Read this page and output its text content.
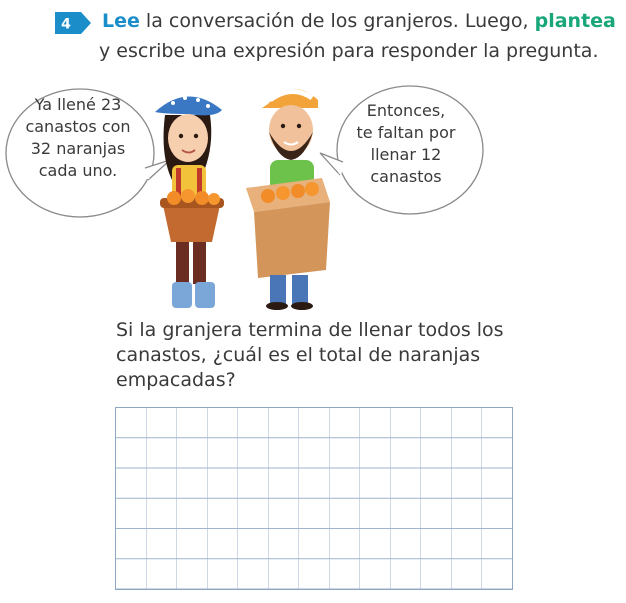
4 Lee la conversación de los granjeros. Luego, plantea
y escribe una expresión para responder la pregunta.
Ya llené 23
canastos con
32 naranjas
cada uno.
Entonces,
te faltan por
llenar 12
canastos
Si la granjera termina de llenar todos los canastos, ¿cuál es el total de naranjas empacadas?
